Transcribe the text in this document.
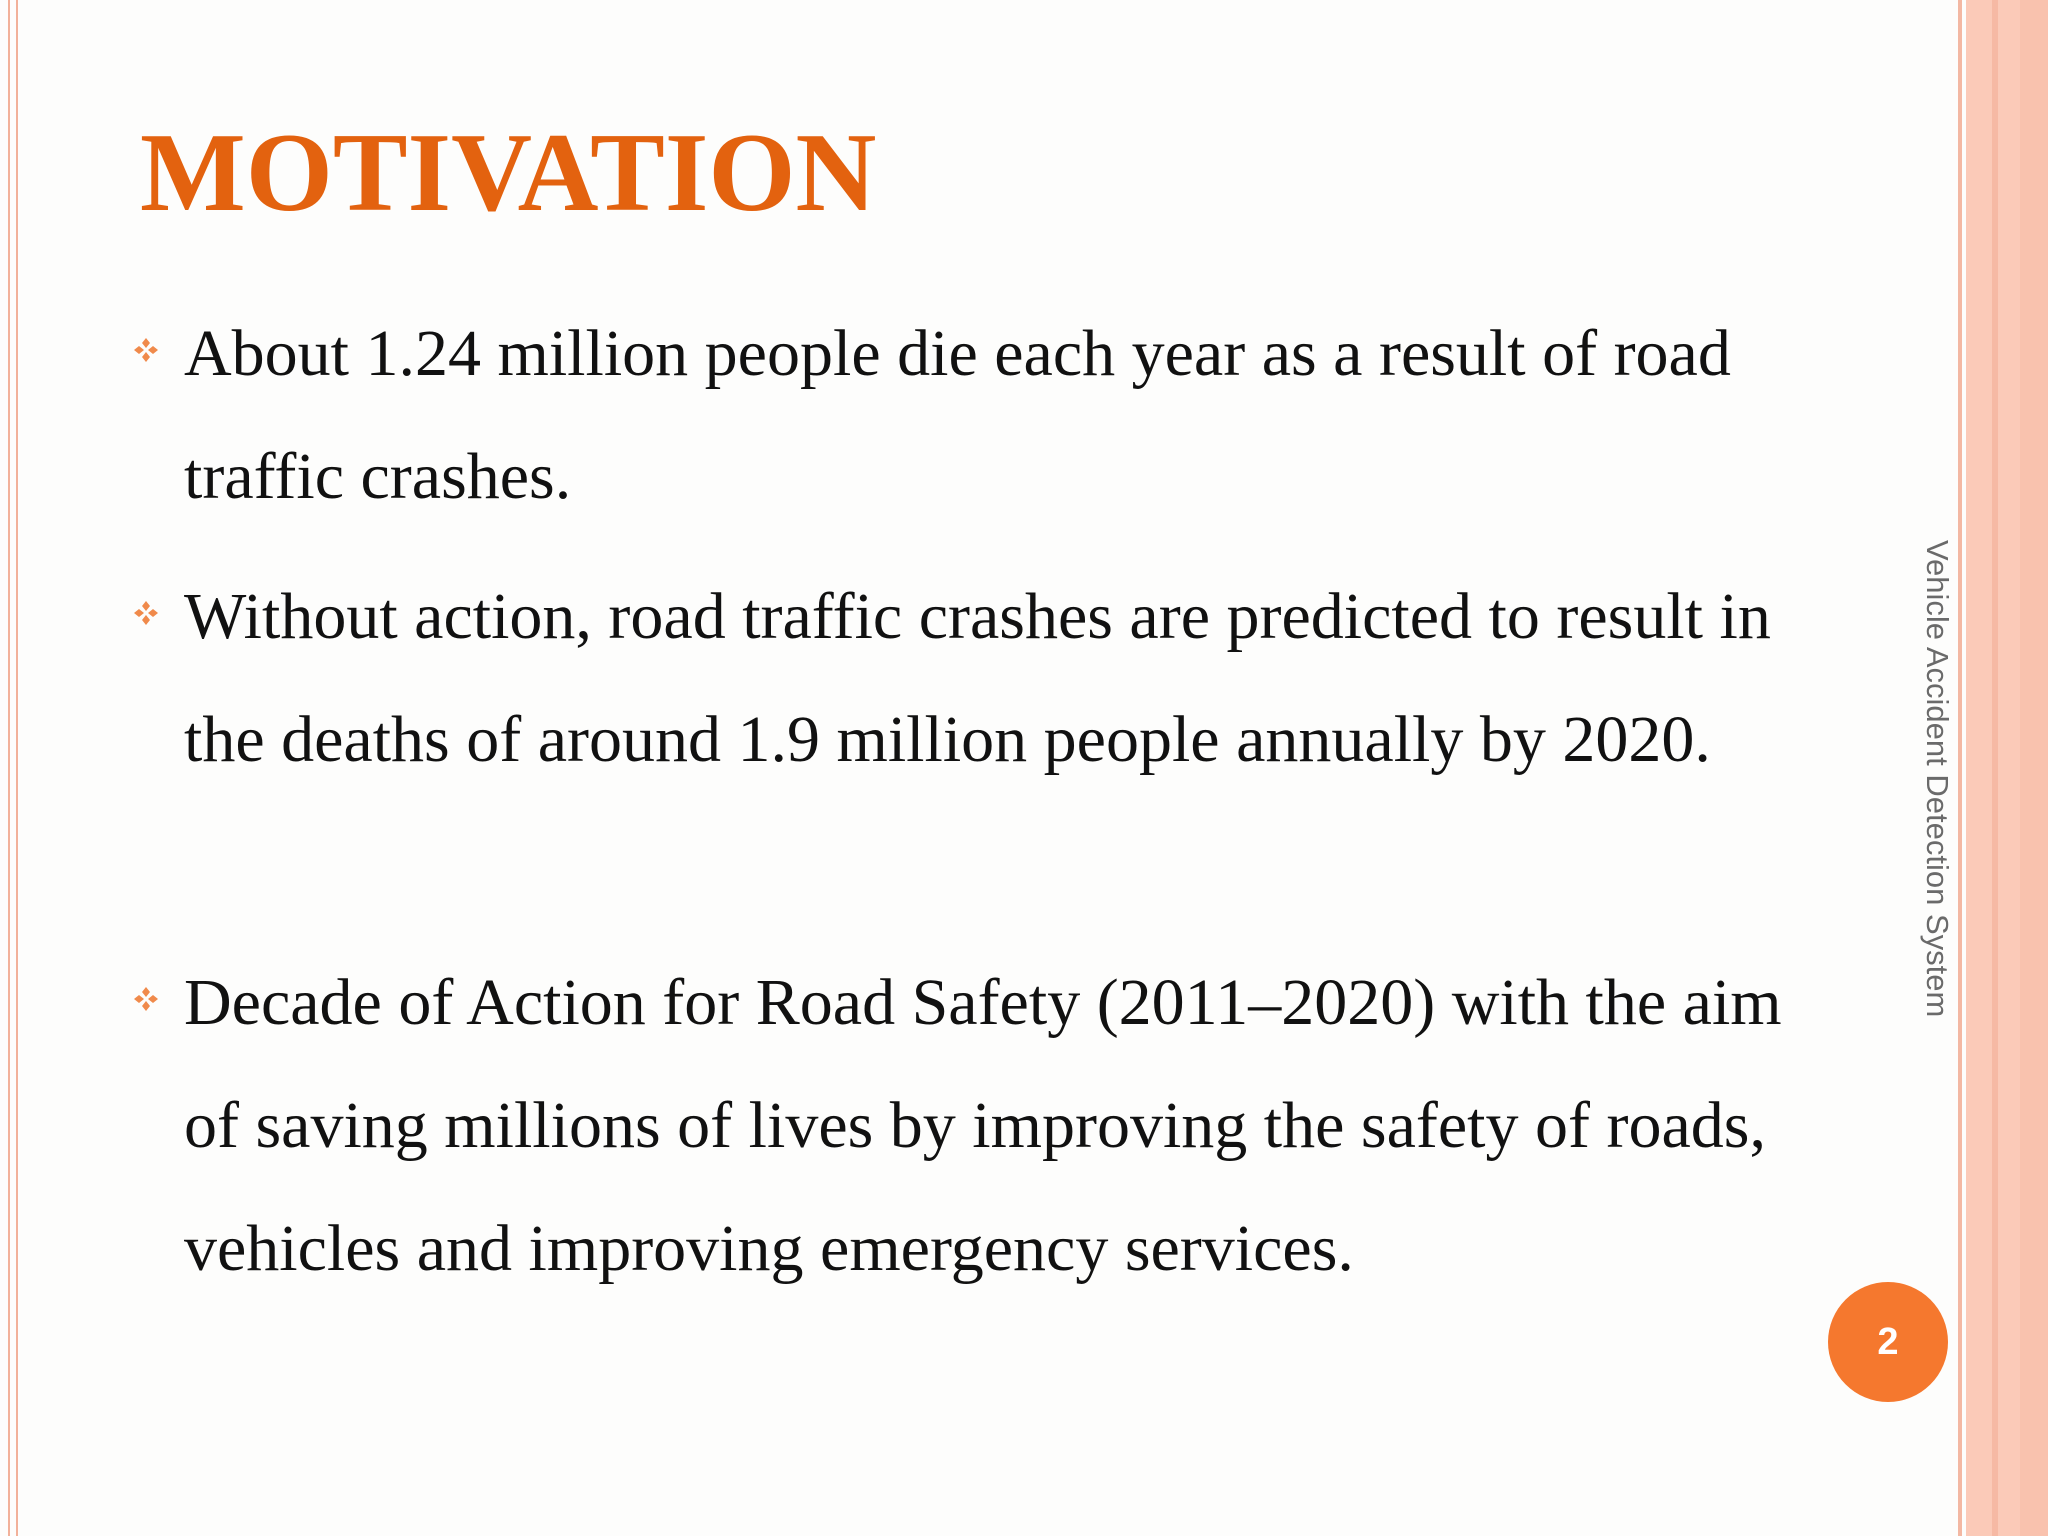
MOTIVATION
About 1.24 million people die each year as a result of road traffic crashes.
Without action, road traffic crashes are predicted to result in the deaths of around 1.9 million people annually by 2020.
Decade of Action for Road Safety (2011–2020) with the aim of saving millions of lives by improving the safety of roads, vehicles and improving emergency services.
Vehicle Accident Detection System
2
